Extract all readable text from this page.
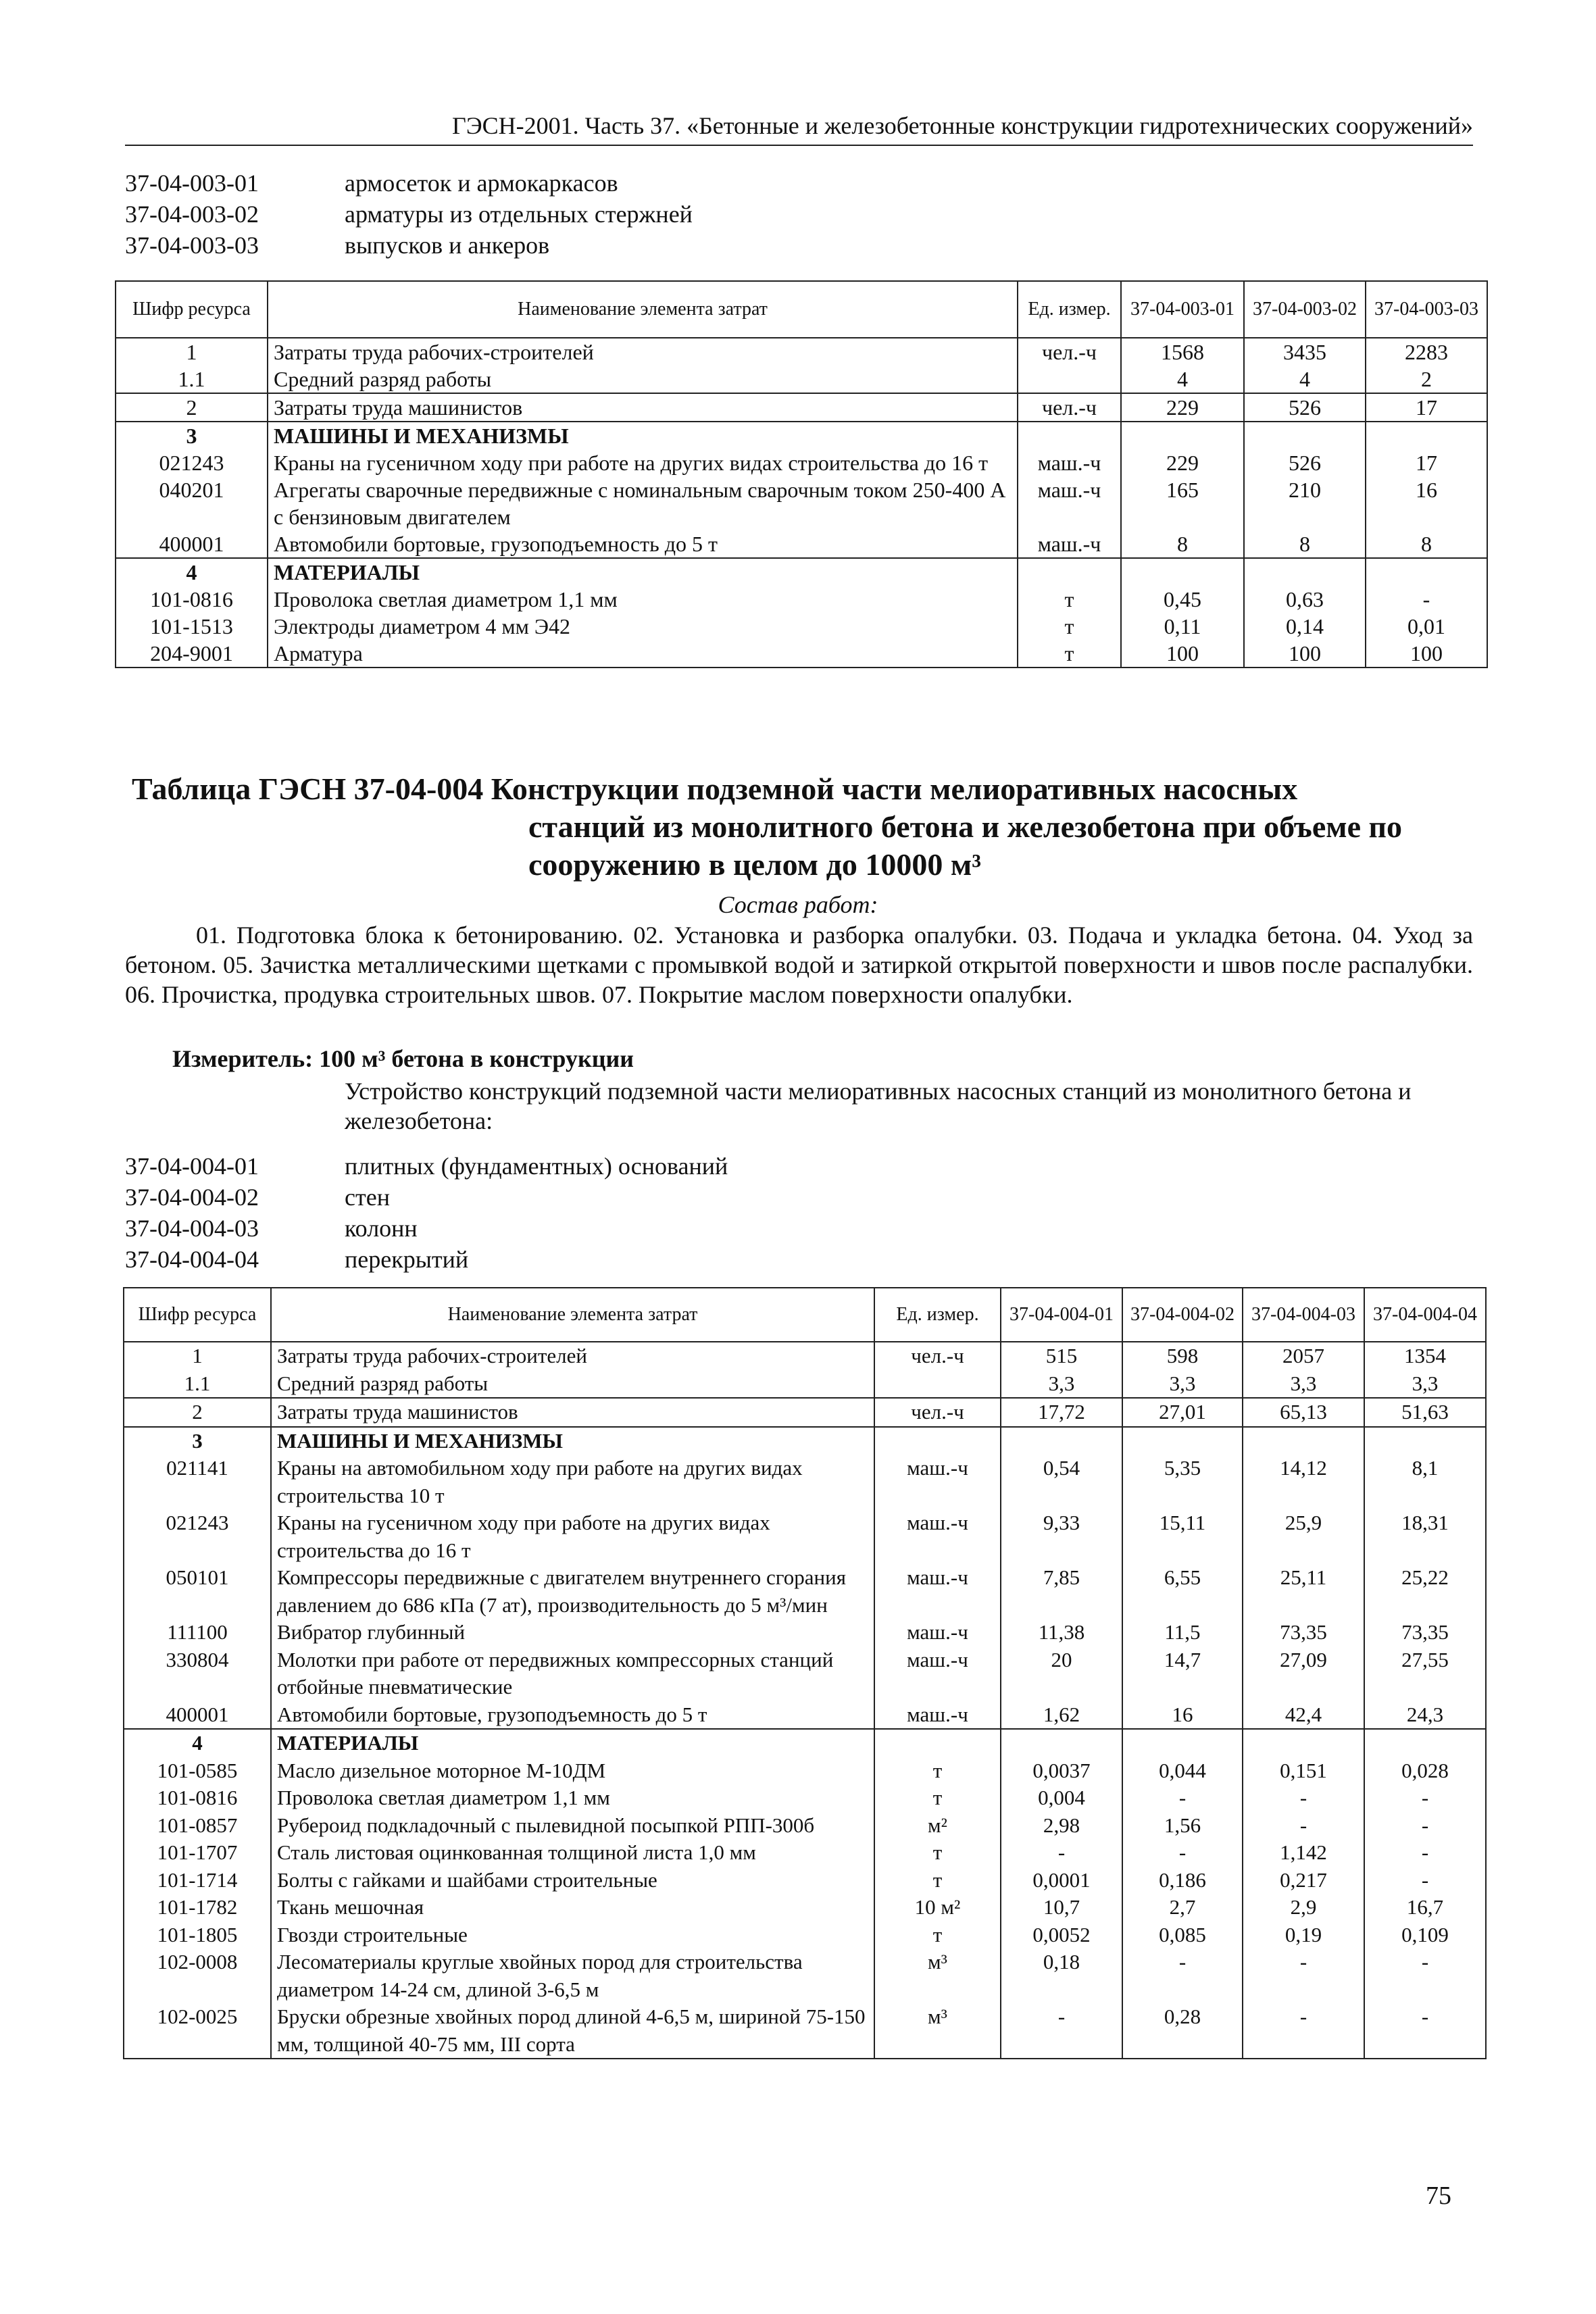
ГЭСН-2001. Часть 37. «Бетонные и железобетонные конструкции гидротехнических сооружений»
37-04-003-01	армосеток и армокаркасов
37-04-003-02	арматуры из отдельных стержней
37-04-003-03	выпусков и анкеров
Шифр ресурса	Наименование элемента затрат	Ед. измер.	37-04-003-01	37-04-003-02	37-04-003-03
1	Затраты труда рабочих-строителей	чел.-ч	1568	3435	2283
1.1	Средний разряд работы		4	4	2
2	Затраты труда машинистов	чел.-ч	229	526	17
3	МАШИНЫ И МЕХАНИЗМЫ				
021243	Краны на гусеничном ходу при работе на других видах строительства до 16 т	маш.-ч	229	526	17
040201	Агрегаты сварочные передвижные с номинальным сварочным током 250-400 А с бензиновым двигателем	маш.-ч	165	210	16
400001	Автомобили бортовые, грузоподъемность до 5 т	маш.-ч	8	8	8
4	МАТЕРИАЛЫ				
101-0816	Проволока светлая диаметром 1,1 мм	т	0,45	0,63	-
101-1513	Электроды диаметром 4 мм Э42	т	0,11	0,14	0,01
204-9001	Арматура	т	100	100	100
Таблица ГЭСН 37-04-004 Конструкции подземной части мелиоративных насосных
станций из монолитного бетона и железобетона при объеме по
сооружению в целом до 10000 м³
Состав работ:
01. Подготовка блока к бетонированию. 02. Установка и разборка опалубки. 03. Подача и укладка бетона. 04. Уход за бетоном. 05. Зачистка металлическими щетками с промывкой водой и затиркой открытой поверхности и швов после распалубки. 06. Прочистка, продувка строительных швов. 07. Покрытие маслом поверхности опалубки.
Измеритель: 100 м³ бетона в конструкции
Устройство конструкций подземной части мелиоративных насосных станций из монолитного бетона и железобетона:
37-04-004-01	плитных (фундаментных) оснований
37-04-004-02	стен
37-04-004-03	колонн
37-04-004-04	перекрытий
Шифр ресурса	Наименование элемента затрат	Ед. измер.	37-04-004-01	37-04-004-02	37-04-004-03	37-04-004-04
1	Затраты труда рабочих-строителей	чел.-ч	515	598	2057	1354
1.1	Средний разряд работы		3,3	3,3	3,3	3,3
2	Затраты труда машинистов	чел.-ч	17,72	27,01	65,13	51,63
3	МАШИНЫ И МЕХАНИЗМЫ					
021141	Краны на автомобильном ходу при работе на других видах строительства 10 т	маш.-ч	0,54	5,35	14,12	8,1
021243	Краны на гусеничном ходу при работе на других видах строительства до 16 т	маш.-ч	9,33	15,11	25,9	18,31
050101	Компрессоры передвижные с двигателем внутреннего сгорания давлением до 686 кПа (7 ат), производительность до 5 м³/мин	маш.-ч	7,85	6,55	25,11	25,22
111100	Вибратор глубинный	маш.-ч	11,38	11,5	73,35	73,35
330804	Молотки при работе от передвижных компрессорных станций отбойные пневматические	маш.-ч	20	14,7	27,09	27,55
400001	Автомобили бортовые, грузоподъемность до 5 т	маш.-ч	1,62	16	42,4	24,3
4	МАТЕРИАЛЫ					
101-0585	Масло дизельное моторное М-10ДМ	т	0,0037	0,044	0,151	0,028
101-0816	Проволока светлая диаметром 1,1 мм	т	0,004	-	-	-
101-0857	Рубероид подкладочный с пылевидной посыпкой РПП-300б	м²	2,98	1,56	-	-
101-1707	Сталь листовая оцинкованная толщиной листа 1,0 мм	т	-	-	1,142	-
101-1714	Болты с гайками и шайбами строительные	т	0,0001	0,186	0,217	-
101-1782	Ткань мешочная	10 м²	10,7	2,7	2,9	16,7
101-1805	Гвозди строительные	т	0,0052	0,085	0,19	0,109
102-0008	Лесоматериалы круглые хвойных пород для строительства диаметром 14-24 см, длиной 3-6,5 м	м³	0,18	-	-	-
102-0025	Бруски обрезные хвойных пород длиной 4-6,5 м, шириной 75-150 мм, толщиной 40-75 мм, III сорта	м³	-	0,28	-	-
75
